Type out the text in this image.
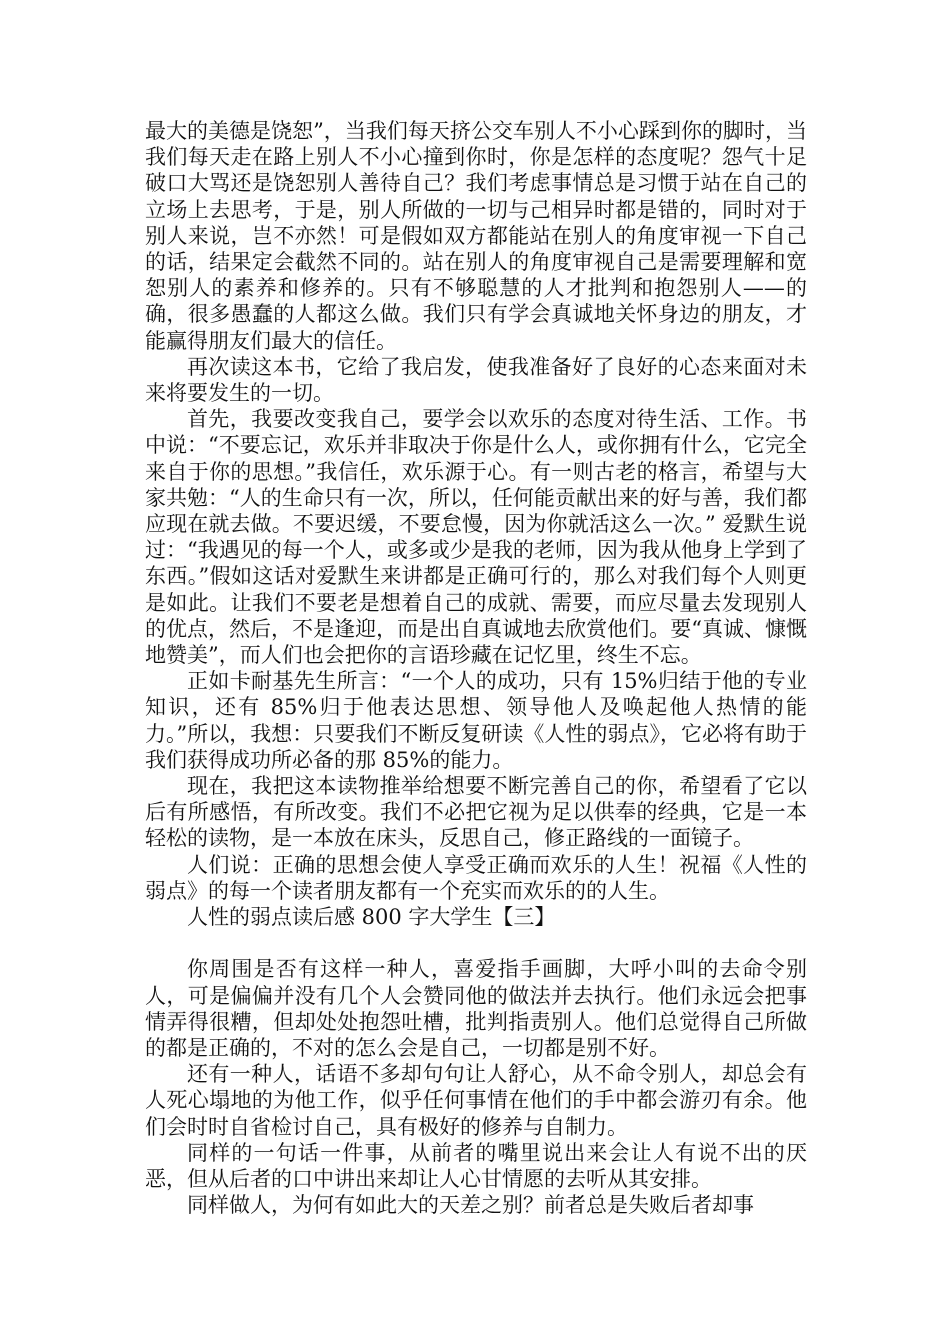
最大的美德是饶恕”，当我们每天挤公交车别人不小心踩到你的脚时，当我们每天走在路上别人不小心撞到你时，你是怎样的态度呢？怨气十足破口大骂还是饶恕别人善待自己？我们考虑事情总是习惯于站在自己的立场上去思考，于是，别人所做的一切与己相异时都是错的，同时对于别人来说，岂不亦然！可是假如双方都能站在别人的角度审视一下自己的话，结果定会截然不同的。站在别人的角度审视自己是需要理解和宽恕别人的素养和修养的。只有不够聪慧的人才批判和抱怨别人——的确，很多愚蠢的人都这么做。我们只有学会真诚地关怀身边的朋友，才能赢得朋友们最大的信任。

再次读这本书，它给了我启发，使我准备好了良好的心态来面对未来将要发生的一切。

首先，我要改变我自己，要学会以欢乐的态度对待生活、工作。书中说：“不要忘记，欢乐并非取决于你是什么人，或你拥有什么，它完全来自于你的思想。”我信任，欢乐源于心。有一则古老的格言，希望与大家共勉：“人的生命只有一次，所以，任何能贡献出来的好与善，我们都应现在就去做。不要迟缓，不要怠慢，因为你就活这么一次。” 爱默生说过：“我遇见的每一个人，或多或少是我的老师，因为我从他身上学到了东西。”假如这话对爱默生来讲都是正确可行的，那么对我们每个人则更是如此。让我们不要老是想着自己的成就、需要，而应尽量去发现别人的优点，然后，不是逢迎，而是出自真诚地去欣赏他们。要“真诚、慷慨地赞美”，而人们也会把你的言语珍藏在记忆里，终生不忘。

正如卡耐基先生所言：“一个人的成功，只有 15%归结于他的专业知识，还有 85%归于他表达思想、领导他人及唤起他人热情的能力。”所以，我想：只要我们不断反复研读《人性的弱点》，它必将有助于我们获得成功所必备的那 85%的能力。

现在，我把这本读物推举给想要不断完善自己的你，希望看了它以后有所感悟，有所改变。我们不必把它视为足以供奉的经典，它是一本轻松的读物，是一本放在床头，反思自己，修正路线的一面镜子。

人们说：正确的思想会使人享受正确而欢乐的人生！祝福《人性的弱点》的每一个读者朋友都有一个充实而欢乐的的人生。

人性的弱点读后感 800 字大学生【三】

你周围是否有这样一种人，喜爱指手画脚，大呼小叫的去命令别人，可是偏偏并没有几个人会赞同他的做法并去执行。他们永远会把事情弄得很糟，但却处处抱怨吐槽，批判指责别人。他们总觉得自己所做的都是正确的，不对的怎么会是自己，一切都是别不好。

还有一种人，话语不多却句句让人舒心，从不命令别人，却总会有人死心塌地的为他工作，似乎任何事情在他们的手中都会游刃有余。他们会时时自省检讨自己，具有极好的修养与自制力。

同样的一句话一件事，从前者的嘴里说出来会让人有说不出的厌恶，但从后者的口中讲出来却让人心甘情愿的去听从其安排。

同样做人，为何有如此大的天差之别？前者总是失败后者却事
